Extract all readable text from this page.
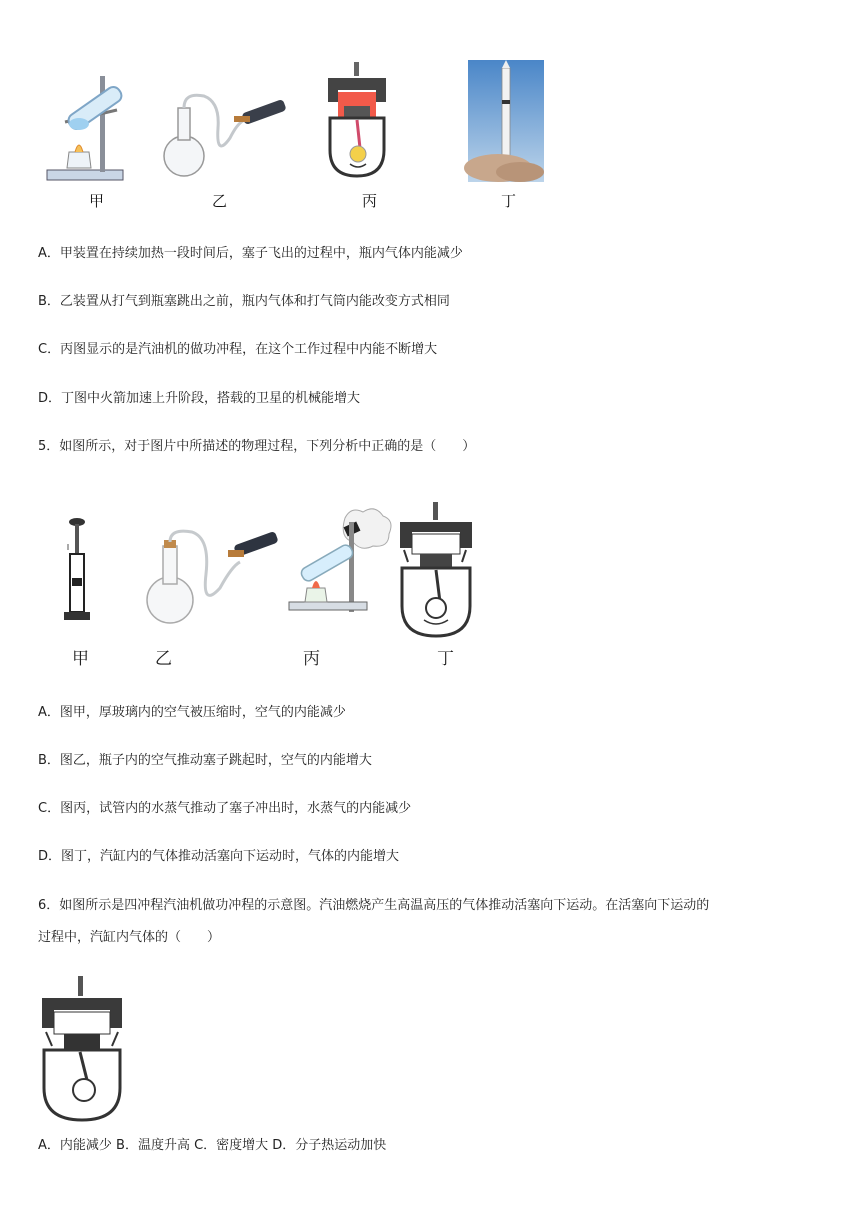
甲	乙	丙	丁
A．甲装置在持续加热一段时间后，塞子飞出的过程中，瓶内气体内能减少
B．乙装置从打气到瓶塞跳出之前，瓶内气体和打气筒内能改变方式相同
C．丙图显示的是汽油机的做功冲程，在这个工作过程中内能不断增大
D．丁图中火箭加速上升阶段，搭载的卫星的机械能增大
5．如图所示，对于图片中所描述的物理过程，下列分析中正确的是（　　）
甲	乙	丙	丁
A．图甲，厚玻璃内的空气被压缩时，空气的内能减少
B．图乙，瓶子内的空气推动塞子跳起时，空气的内能增大
C．图丙，试管内的水蒸气推动了塞子冲出时，水蒸气的内能减少
D．图丁，汽缸内的气体推动活塞向下运动时，气体的内能增大
6．如图所示是四冲程汽油机做功冲程的示意图。汽油燃烧产生高温高压的气体推动活塞向下运动。在活塞向下运动的
过程中，汽缸内气体的（　　）
A．内能减少 B．温度升高 C．密度增大 D．分子热运动加快
